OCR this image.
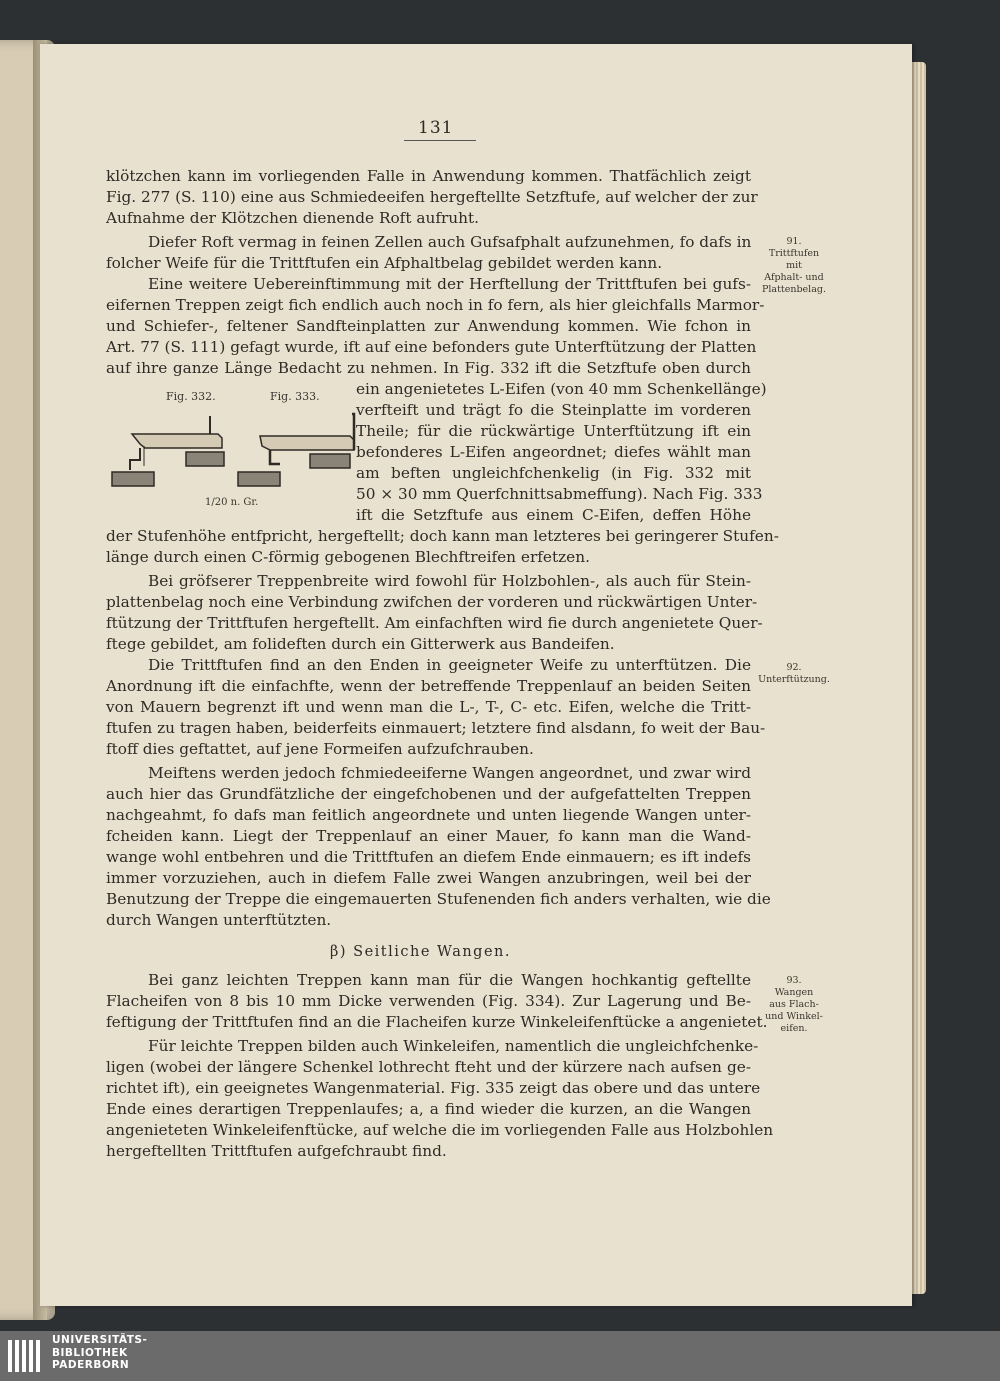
131
klötzchen kann im vorliegenden Falle in Anwendung kommen. Thatfächlich zeigt
Fig. 277 (S. 110) eine aus Schmiedeeifen hergeftellte Setzftufe, auf welcher der zur
Aufnahme der Klötzchen dienende Roft aufruht.
Diefer Roft vermag in feinen Zellen auch Gufsafphalt aufzunehmen, fo dafs in
folcher Weife für die Trittftufen ein Afphaltbelag gebildet werden kann.
Eine weitere Uebereinftimmung mit der Herftellung der Trittftufen bei gufs-
eifernen Treppen zeigt fich endlich auch noch in fo fern, als hier gleichfalls Marmor-
und Schiefer-, feltener Sandfteinplatten zur Anwendung kommen. Wie fchon in
Art. 77 (S. 111) gefagt wurde, ift auf eine befonders gute Unterftützung der Platten
auf ihre ganze Länge Bedacht zu nehmen. In Fig. 332 ift die Setzftufe oben durch
ein angenietetes L-Eifen (von 40 mm Schenkellänge)
verfteift und trägt fo die Steinplatte im vorderen
Theile; für die rückwärtige Unterftützung ift ein
befonderes L-Eifen angeordnet; diefes wählt man
am beften ungleichfchenkelig (in Fig. 332 mit
50 × 30 mm Querfchnittsabmeffung). Nach Fig. 333
ift die Setzftufe aus einem C-Eifen, deffen Höhe
der Stufenhöhe entfpricht, hergeftellt; doch kann man letzteres bei geringerer Stufen-
länge durch einen C-förmig gebogenen Blechftreifen erfetzen.
Bei gröfserer Treppenbreite wird fowohl für Holzbohlen-, als auch für Stein-
plattenbelag noch eine Verbindung zwifchen der vorderen und rückwärtigen Unter-
ftützung der Trittftufen hergeftellt. Am einfachften wird fie durch angenietete Quer-
ftege gebildet, am folideften durch ein Gitterwerk aus Bandeifen.
Die Trittftufen find an den Enden in geeigneter Weife zu unterftützen. Die
Anordnung ift die einfachfte, wenn der betreffende Treppenlauf an beiden Seiten
von Mauern begrenzt ift und wenn man die L-, T-, C- etc. Eifen, welche die Tritt-
ftufen zu tragen haben, beiderfeits einmauert; letztere find alsdann, fo weit der Bau-
ftoff dies geftattet, auf jene Formeifen aufzufchrauben.
Meiftens werden jedoch fchmiedeeiferne Wangen angeordnet, und zwar wird
auch hier das Grundfätzliche der eingefchobenen und der aufgefattelten Treppen
nachgeahmt, fo dafs man feitlich angeordnete und unten liegende Wangen unter-
fcheiden kann. Liegt der Treppenlauf an einer Mauer, fo kann man die Wand-
wange wohl entbehren und die Trittftufen an diefem Ende einmauern; es ift indefs
immer vorzuziehen, auch in diefem Falle zwei Wangen anzubringen, weil bei der
Benutzung der Treppe die eingemauerten Stufenenden fich anders verhalten, wie die
durch Wangen unterftützten.
Bei ganz leichten Treppen kann man für die Wangen hochkantig geftellte
Flacheifen von 8 bis 10 mm Dicke verwenden (Fig. 334). Zur Lagerung und Be-
feftigung der Trittftufen find an die Flacheifen kurze Winkeleifenftücke a angenietet.
Für leichte Treppen bilden auch Winkeleifen, namentlich die ungleichfchenke-
ligen (wobei der längere Schenkel lothrecht fteht und der kürzere nach aufsen ge-
richtet ift), ein geeignetes Wangenmaterial. Fig. 335 zeigt das obere und das untere
Ende eines derartigen Treppenlaufes; a, a find wieder die kurzen, an die Wangen
angenieteten Winkeleifenftücke, auf welche die im vorliegenden Falle aus Holzbohlen
hergeftellten Trittftufen aufgefchraubt find.
β) Seitliche Wangen.
91.
Trittftufen
mit
Afphalt- und
Plattenbelag.
92.
Unterftützung.
93.
Wangen
aus Flach-
und Winkel-
eifen.
Fig. 332.	Fig. 333.
1/20 n. Gr.
UNIVERSITÄTS-
BIBLIOTHEK
PADERBORN
